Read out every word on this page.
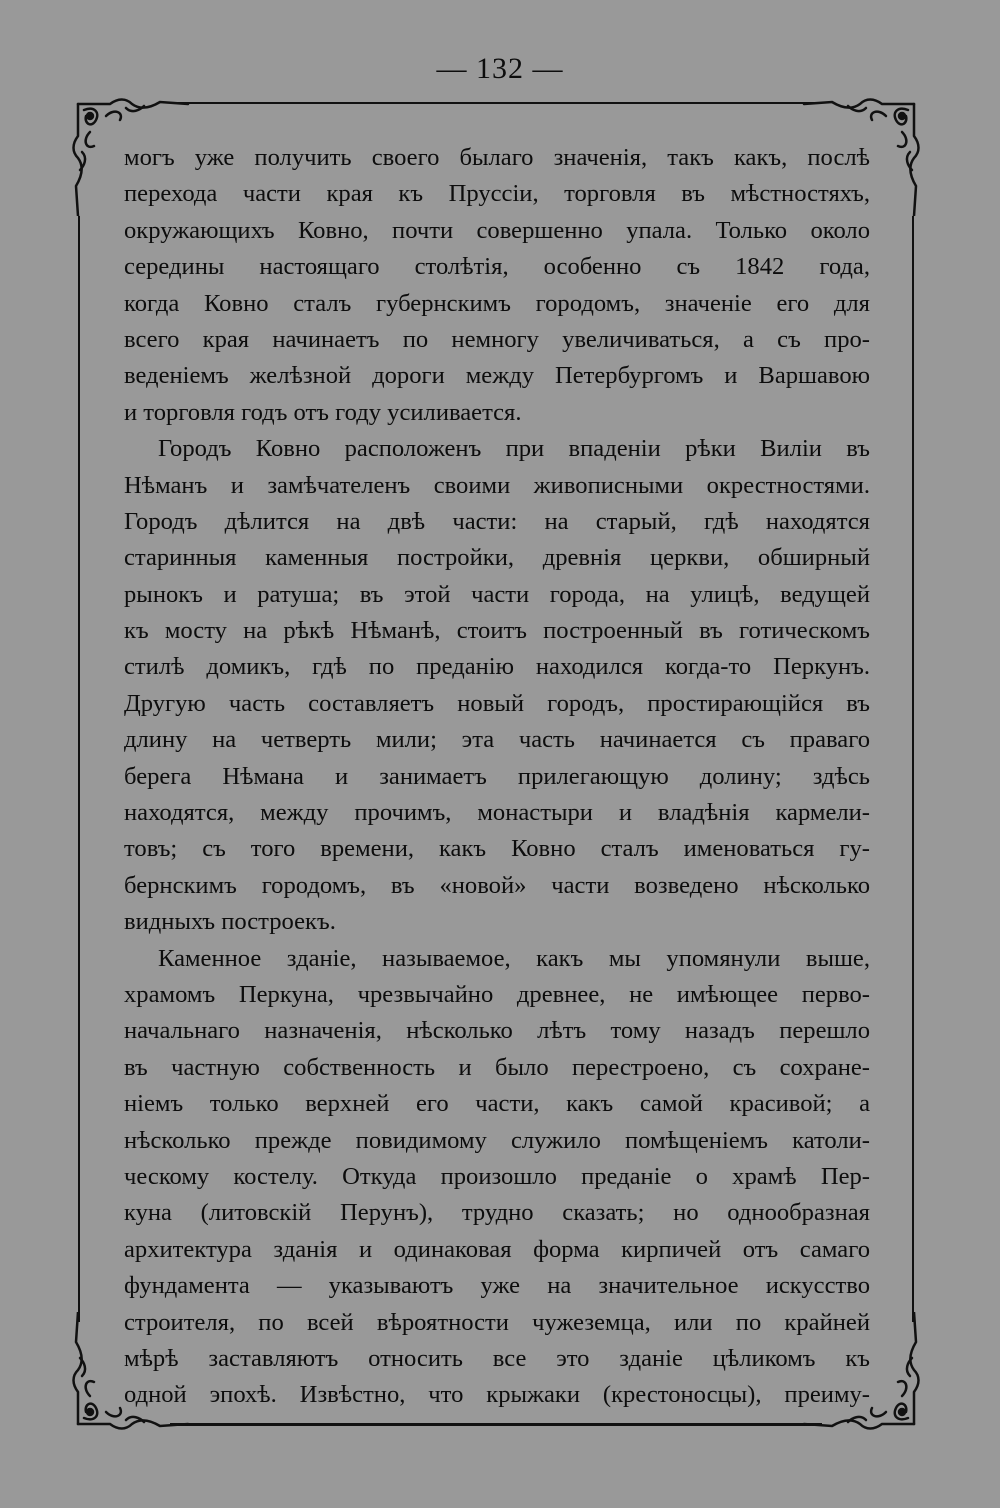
— 132 —
могъ уже получить своего былаго значенія, такъ какъ, послѣ
перехода части края къ Пруссіи, торговля въ мѣстностяхъ,
окружающихъ Ковно, почти совершенно упала. Только около
середины настоящаго столѣтія, особенно съ 1842 года,
когда Ковно сталъ губернскимъ городомъ, значеніе его для
всего края начинаетъ по немногу увеличиваться, а съ про-
веденіемъ желѣзной дороги между Петербургомъ и Варшавою
и торговля годъ отъ году усиливается.
Городъ Ковно расположенъ при впаденіи рѣки Виліи въ
Нѣманъ и замѣчателенъ своими живописными окрестностями.
Городъ дѣлится на двѣ части: на старый, гдѣ находятся
старинныя каменныя постройки, древнія церкви, обширный
рынокъ и ратуша; въ этой части города, на улицѣ, ведущей
къ мосту на рѣкѣ Нѣманѣ, стоитъ построенный въ готическомъ
стилѣ домикъ, гдѣ по преданію находился когда-то Перкунъ.
Другую часть составляетъ новый городъ, простирающійся въ
длину на четверть мили; эта часть начинается съ праваго
берега Нѣмана и занимаетъ прилегающую долину; здѣсь
находятся, между прочимъ, монастыри и владѣнія кармели-
товъ; съ того времени, какъ Ковно сталъ именоваться гу-
бернскимъ городомъ, въ «новой» части возведено нѣсколько
видныхъ построекъ.
Каменное зданіе, называемое, какъ мы упомянули выше,
храмомъ Перкуна, чрезвычайно древнее, не имѣющее перво-
начальнаго назначенія, нѣсколько лѣтъ тому назадъ перешло
въ частную собственность и было перестроено, съ сохране-
ніемъ только верхней его части, какъ самой красивой; а
нѣсколько прежде повидимому служило помѣщеніемъ католи-
ческому костелу. Откуда произошло преданіе о храмѣ Пер-
куна (литовскій Перунъ), трудно сказать; но однообразная
архитектура зданія и одинаковая форма кирпичей отъ самаго
фундамента — указываютъ уже на значительное искусство
строителя, по всей вѣроятности чужеземца, или по крайней
мѣрѣ заставляютъ относить все это зданіе цѣликомъ къ
одной эпохѣ. Извѣстно, что крыжаки (крестоносцы), преиму-
